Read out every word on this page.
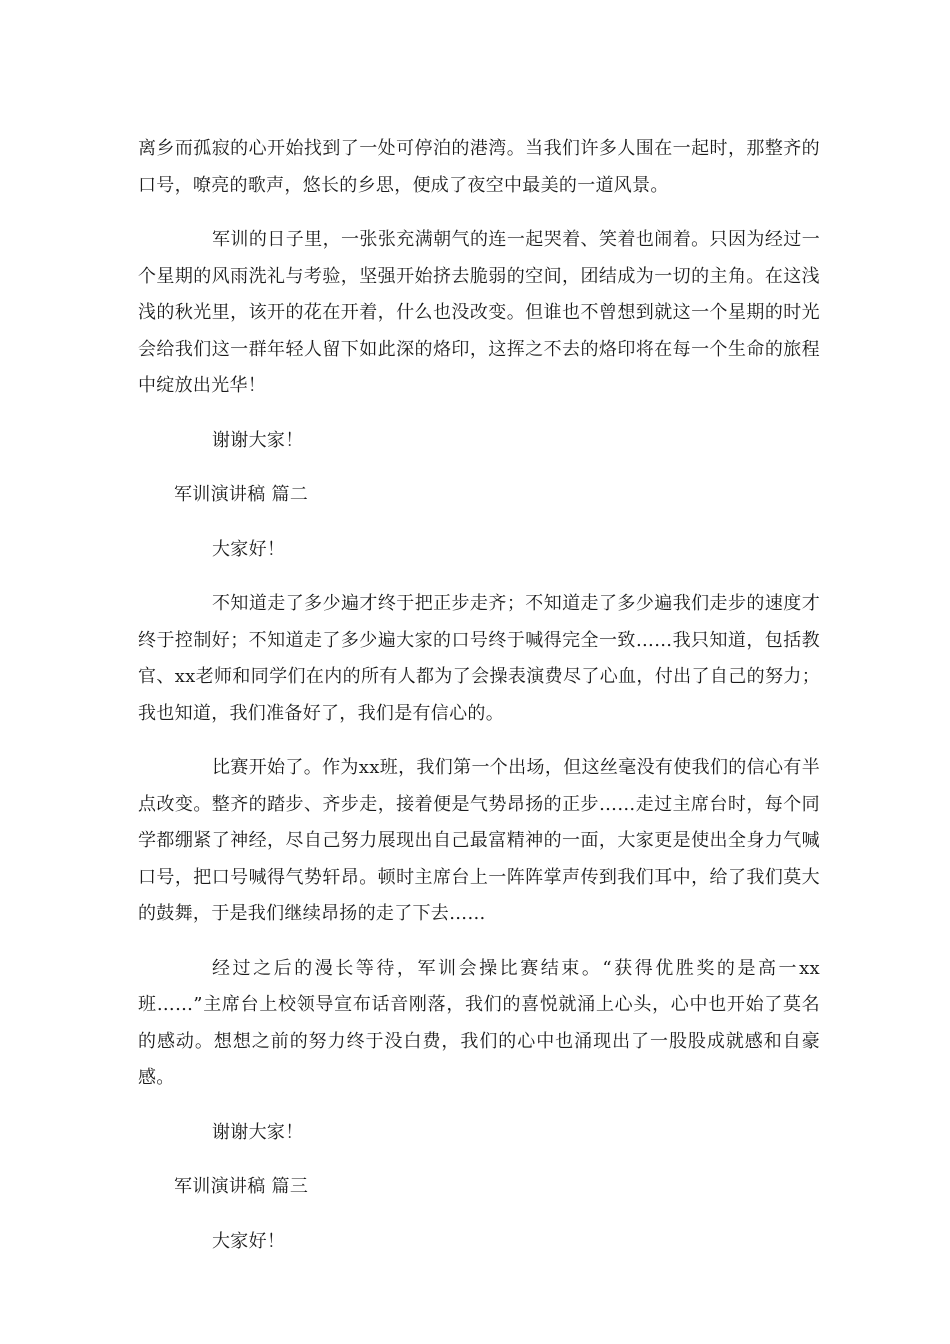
离乡而孤寂的心开始找到了一处可停泊的港湾。当我们许多人围在一起时，那整齐的口号，嘹亮的歌声，悠长的乡思，便成了夜空中最美的一道风景。

军训的日子里，一张张充满朝气的连一起哭着、笑着也闹着。只因为经过一个星期的风雨洗礼与考验，坚强开始挤去脆弱的空间，团结成为一切的主角。在这浅浅的秋光里，该开的花在开着，什么也没改变。但谁也不曾想到就这一个星期的时光会给我们这一群年轻人留下如此深的烙印，这挥之不去的烙印将在每一个生命的旅程中绽放出光华！

谢谢大家！

军训演讲稿 篇二

大家好！

不知道走了多少遍才终于把正步走齐；不知道走了多少遍我们走步的速度才终于控制好；不知道走了多少遍大家的口号终于喊得完全一致……我只知道，包括教官、xx老师和同学们在内的所有人都为了会操表演费尽了心血，付出了自己的努力；我也知道，我们准备好了，我们是有信心的。

比赛开始了。作为xx班，我们第一个出场，但这丝毫没有使我们的信心有半点改变。整齐的踏步、齐步走，接着便是气势昂扬的正步……走过主席台时，每个同学都绷紧了神经，尽自己努力展现出自己最富精神的一面，大家更是使出全身力气喊口号，把口号喊得气势轩昂。顿时主席台上一阵阵掌声传到我们耳中，给了我们莫大的鼓舞，于是我们继续昂扬的走了下去……

经过之后的漫长等待，军训会操比赛结束。“获得优胜奖的是高一xx班……”主席台上校领导宣布话音刚落，我们的喜悦就涌上心头，心中也开始了莫名的感动。想想之前的努力终于没白费，我们的心中也涌现出了一股股成就感和自豪感。

谢谢大家！

军训演讲稿 篇三

大家好！
